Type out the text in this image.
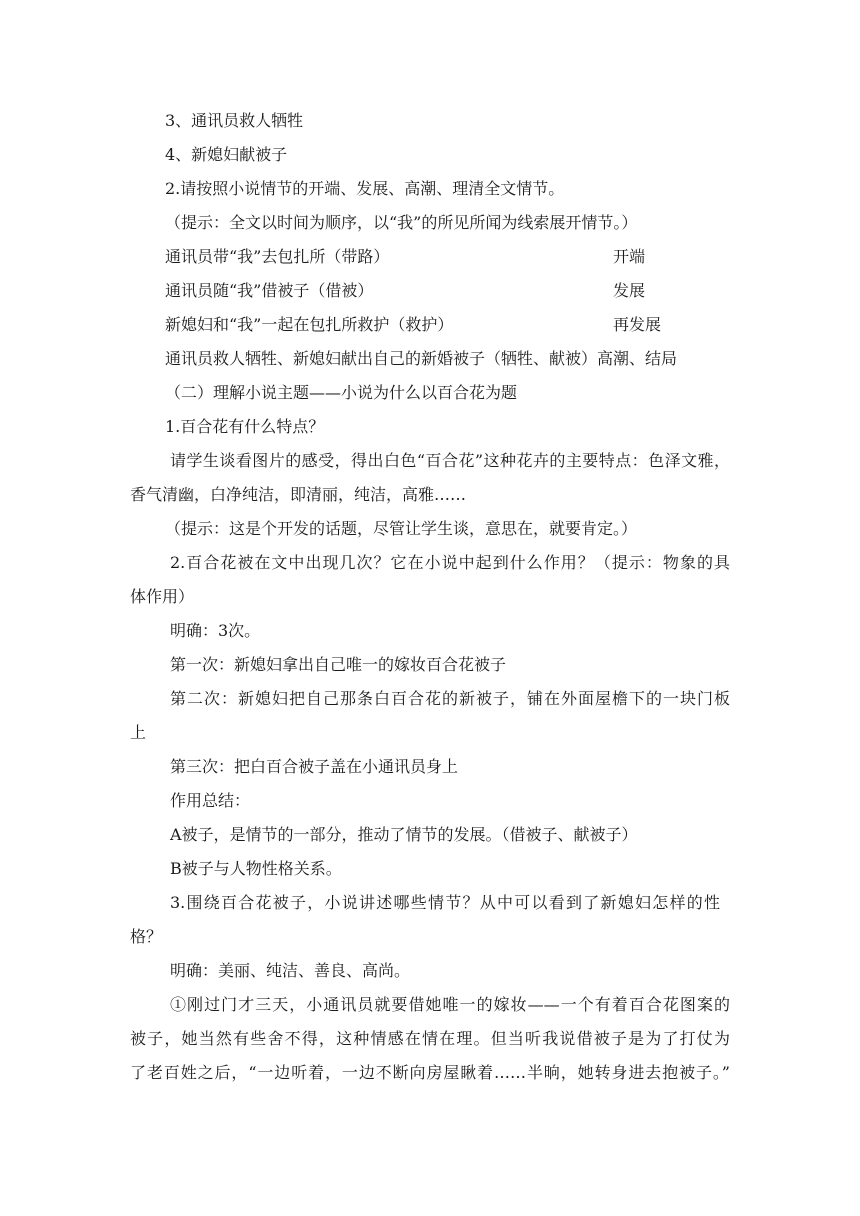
3、通讯员救人牺牲
4、新媳妇献被子
2.请按照小说情节的开端、发展、高潮、理清全文情节。
（提示：全文以时间为顺序，以“我”的所见所闻为线索展开情节。）
通讯员带“我”去包扎所（带路）	开端
通讯员随“我”借被子（借被）	发展
新媳妇和“我”一起在包扎所救护（救护）	再发展
通讯员救人牺牲、新媳妇献出自己的新婚被子（牺牲、献被）高潮、结局
（二）理解小说主题——小说为什么以百合花为题
1.百合花有什么特点？
请学生谈看图片的感受，得出白色“百合花”这种花卉的主要特点：色泽文雅，
香气清幽，白净纯洁，即清丽，纯洁，高雅……
（提示：这是个开发的话题，尽管让学生谈，意思在，就要肯定。）
2.百合花被在文中出现几次？它在小说中起到什么作用？（提示：物象的具
体作用）
明确：3次。
第一次：新媳妇拿出自己唯一的嫁妆百合花被子
第二次：新媳妇把自己那条白百合花的新被子，铺在外面屋檐下的一块门板
上
第三次：把白百合被子盖在小通讯员身上
作用总结：
A被子，是情节的一部分，推动了情节的发展。（借被子、献被子）
B被子与人物性格关系。
3.围绕百合花被子，小说讲述哪些情节？从中可以看到了新媳妇怎样的性
格？
明确：美丽、纯洁、善良、高尚。
①刚过门才三天，小通讯员就要借她唯一的嫁妆——一个有着百合花图案的
被子，她当然有些舍不得，这种情感在情在理。但当听我说借被子是为了打仗为
了老百姓之后，“一边听着，一边不断向房屋瞅着……半晌，她转身进去抱被子。”
